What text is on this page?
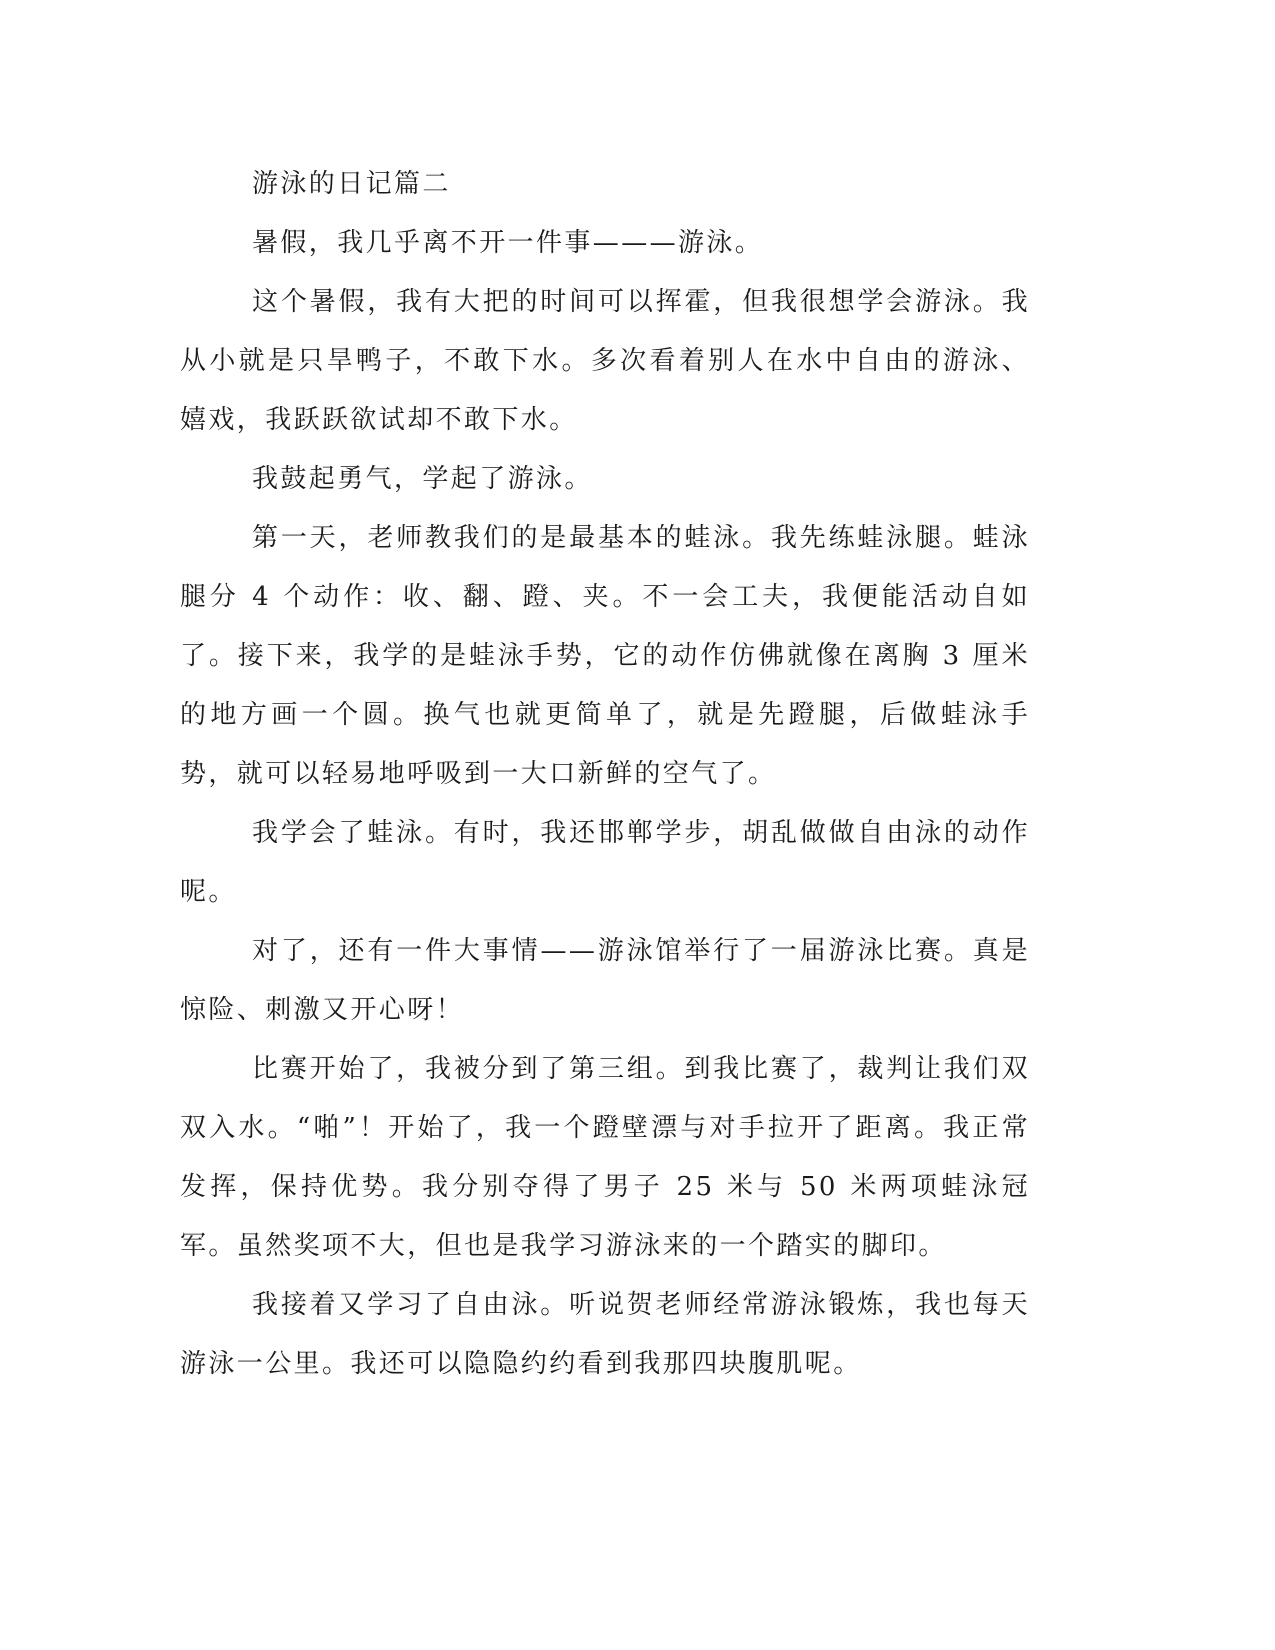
游泳的日记篇二

暑假，我几乎离不开一件事———游泳。

这个暑假，我有大把的时间可以挥霍，但我很想学会游泳。我从小就是只旱鸭子，不敢下水。多次看着别人在水中自由的游泳、嬉戏，我跃跃欲试却不敢下水。

我鼓起勇气，学起了游泳。

第一天，老师教我们的是最基本的蛙泳。我先练蛙泳腿。蛙泳腿分 4 个动作：收、翻、蹬、夹。不一会工夫，我便能活动自如了。接下来，我学的是蛙泳手势，它的动作仿佛就像在离胸 3 厘米的地方画一个圆。换气也就更简单了，就是先蹬腿，后做蛙泳手势，就可以轻易地呼吸到一大口新鲜的空气了。

我学会了蛙泳。有时，我还邯郸学步，胡乱做做自由泳的动作呢。

对了，还有一件大事情——游泳馆举行了一届游泳比赛。真是惊险、刺激又开心呀！

比赛开始了，我被分到了第三组。到我比赛了，裁判让我们双双入水。“啪”！开始了，我一个蹬壁漂与对手拉开了距离。我正常发挥，保持优势。我分别夺得了男子 25 米与 50 米两项蛙泳冠军。虽然奖项不大，但也是我学习游泳来的一个踏实的脚印。

我接着又学习了自由泳。听说贺老师经常游泳锻炼，我也每天游泳一公里。我还可以隐隐约约看到我那四块腹肌呢。
